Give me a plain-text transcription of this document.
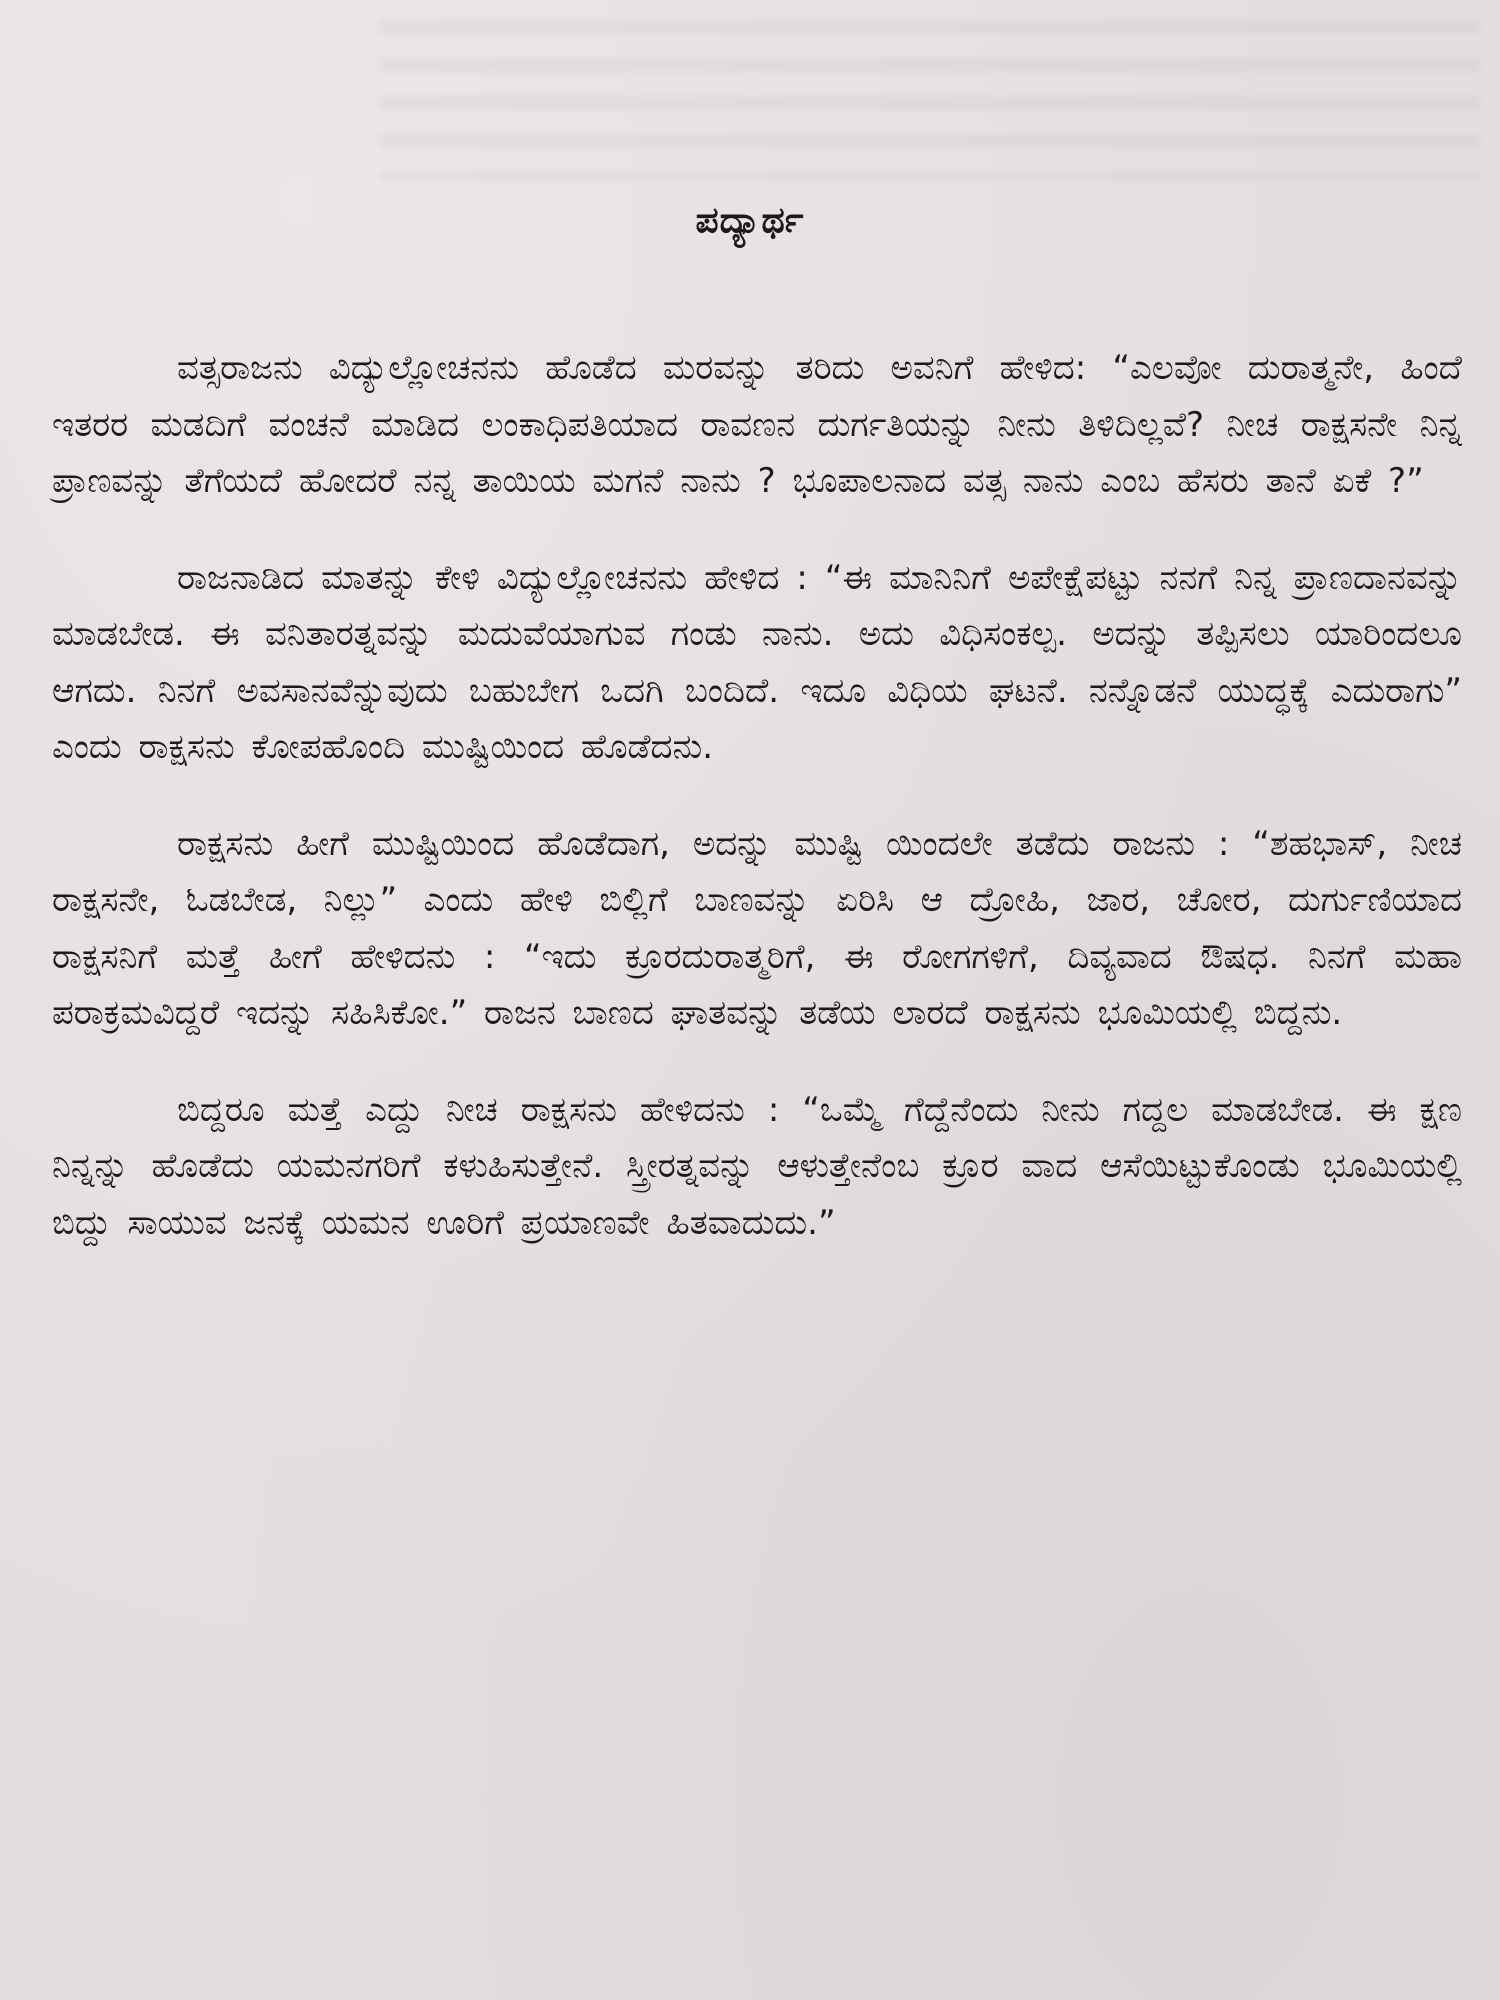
ಪದ್ಯಾರ್ಥ

ವತ್ಸರಾಜನು ವಿದ್ಯುಲ್ಲೋಚನನು ಹೊಡೆದ ಮರವನ್ನು ತರಿದು ಅವನಿಗೆ ಹೇಳಿದ: “ಎಲವೋ ದುರಾತ್ಮನೇ, ಹಿಂದೆ ಇತರರ ಮಡದಿಗೆ ವಂಚನೆ ಮಾಡಿದ ಲಂಕಾಧಿಪತಿಯಾದ ರಾವಣನ ದುರ್ಗತಿಯನ್ನು ನೀನು ತಿಳಿದಿಲ್ಲವೆ? ನೀಚ ರಾಕ್ಷಸನೇ ನಿನ್ನ ಪ್ರಾಣವನ್ನು ತೆಗೆಯದೆ ಹೋದರೆ ನನ್ನ ತಾಯಿಯ ಮಗನೆ ನಾನು ? ಭೂಪಾಲನಾದ ವತ್ಸ ನಾನು ಎಂಬ ಹೆಸರು ತಾನೆ ಏಕೆ ?”

ರಾಜನಾಡಿದ ಮಾತನ್ನು ಕೇಳಿ ವಿದ್ಯುಲ್ಲೋಚನನು ಹೇಳಿದ : “ಈ ಮಾನಿನಿಗೆ ಅಪೇಕ್ಷೆಪಟ್ಟು ನನಗೆ ನಿನ್ನ ಪ್ರಾಣದಾನವನ್ನು ಮಾಡಬೇಡ. ಈ ವನಿತಾರತ್ನವನ್ನು ಮದುವೆಯಾಗುವ ಗಂಡು ನಾನು. ಅದು ವಿಧಿಸಂಕಲ್ಪ. ಅದನ್ನು ತಪ್ಪಿಸಲು ಯಾರಿಂದಲೂ ಆಗದು. ನಿನಗೆ ಅವಸಾನವೆನ್ನುವುದು ಬಹುಬೇಗ ಒದಗಿ ಬಂದಿದೆ. ಇದೂ ವಿಧಿಯ ಘಟನೆ. ನನ್ನೊಡನೆ ಯುದ್ಧಕ್ಕೆ ಎದುರಾಗು” ಎಂದು ರಾಕ್ಷಸನು ಕೋಪಹೊಂದಿ ಮುಷ್ಟಿಯಿಂದ ಹೊಡೆದನು.

ರಾಕ್ಷಸನು ಹೀಗೆ ಮುಷ್ಟಿಯಿಂದ ಹೊಡೆದಾಗ, ಅದನ್ನು ಮುಷ್ಟಿ ಯಿಂದಲೇ ತಡೆದು ರಾಜನು : “ಶಹಭಾಸ್, ನೀಚ ರಾಕ್ಷಸನೇ, ಓಡಬೇಡ, ನಿಲ್ಲು” ಎಂದು ಹೇಳಿ ಬಿಲ್ಲಿಗೆ ಬಾಣವನ್ನು ಏರಿಸಿ ಆ ದ್ರೋಹಿ, ಜಾರ, ಚೋರ, ದುರ್ಗುಣಿಯಾದ ರಾಕ್ಷಸನಿಗೆ ಮತ್ತೆ ಹೀಗೆ ಹೇಳಿದನು : “ಇದು ಕ್ರೂರದುರಾತ್ಮರಿಗೆ, ಈ ರೋಗಗಳಿಗೆ, ದಿವ್ಯವಾದ ಔಷಧ. ನಿನಗೆ ಮಹಾ ಪರಾಕ್ರಮವಿದ್ದರೆ ಇದನ್ನು ಸಹಿಸಿಕೋ.” ರಾಜನ ಬಾಣದ ಘಾತವನ್ನು ತಡೆಯ ಲಾರದೆ ರಾಕ್ಷಸನು ಭೂಮಿಯಲ್ಲಿ ಬಿದ್ದನು.

ಬಿದ್ದರೂ ಮತ್ತೆ ಎದ್ದು ನೀಚ ರಾಕ್ಷಸನು ಹೇಳಿದನು : “ಒಮ್ಮೆ ಗೆದ್ದೆನೆಂದು ನೀನು ಗದ್ದಲ ಮಾಡಬೇಡ. ಈ ಕ್ಷಣ ನಿನ್ನನ್ನು ಹೊಡೆದು ಯಮನಗರಿಗೆ ಕಳುಹಿಸುತ್ತೇನೆ. ಸ್ತ್ರೀರತ್ನವನ್ನು ಆಳುತ್ತೇನೆಂಬ ಕ್ರೂರ ವಾದ ಆಸೆಯಿಟ್ಟುಕೊಂಡು ಭೂಮಿಯಲ್ಲಿ ಬಿದ್ದು ಸಾಯುವ ಜನಕ್ಕೆ ಯಮನ ಊರಿಗೆ ಪ್ರಯಾಣವೇ ಹಿತವಾದುದು.”
